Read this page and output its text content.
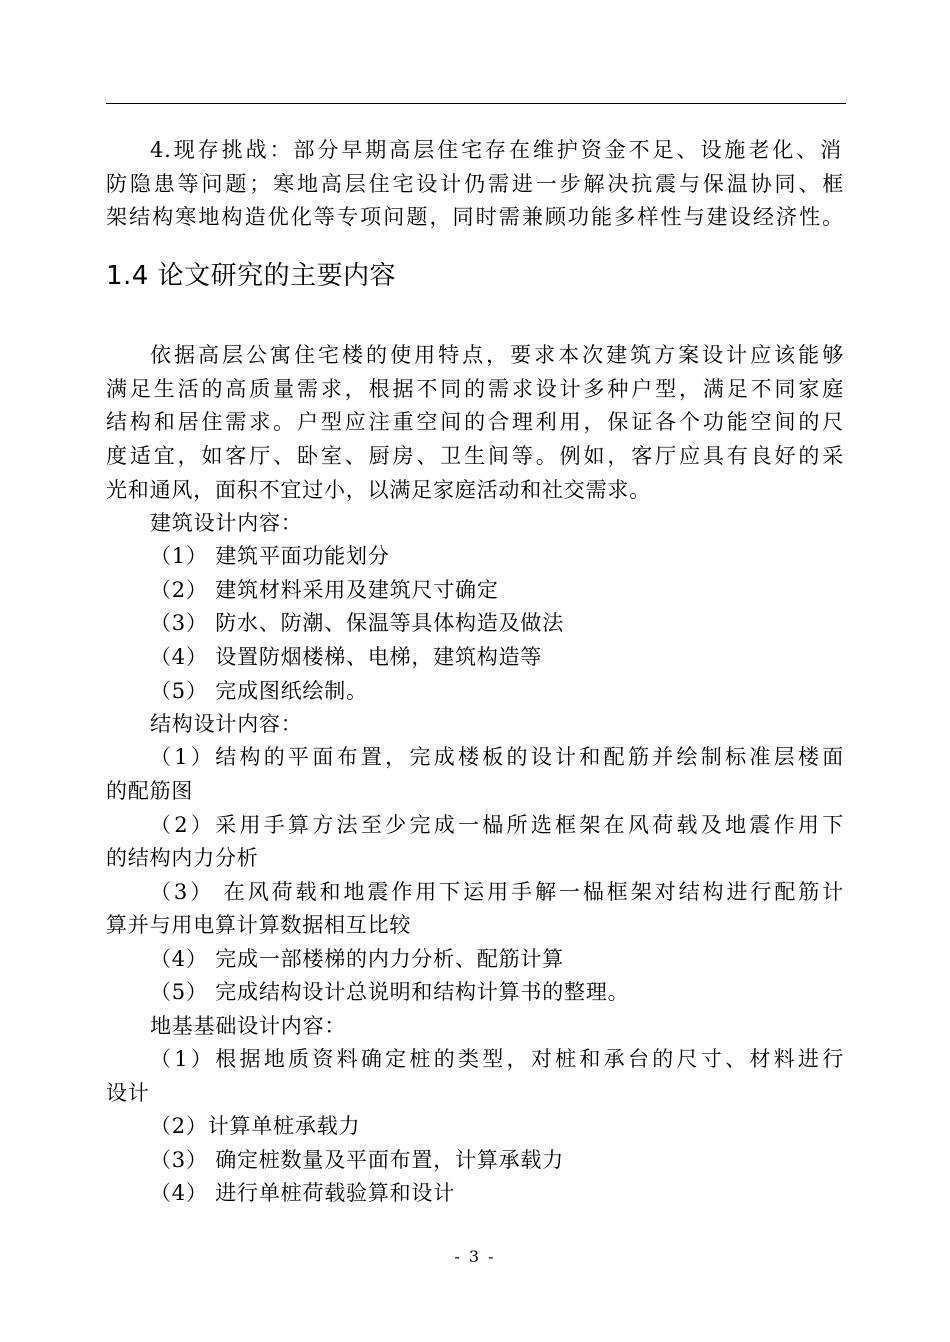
4.现存挑战：部分早期高层住宅存在维护资金不足、设施老化、消
防隐患等问题；寒地高层住宅设计仍需进一步解决抗震与保温协同、框
架结构寒地构造优化等专项问题，同时需兼顾功能多样性与建设经济性。
1.4 论文研究的主要内容
依据高层公寓住宅楼的使用特点，要求本次建筑方案设计应该能够
满足生活的高质量需求，根据不同的需求设计多种户型，满足不同家庭
结构和居住需求。户型应注重空间的合理利用，保证各个功能空间的尺
度适宜，如客厅、卧室、厨房、卫生间等。例如，客厅应具有良好的采
光和通风，面积不宜过小，以满足家庭活动和社交需求。
建筑设计内容：
（1） 建筑平面功能划分
（2） 建筑材料采用及建筑尺寸确定
（3） 防水、防潮、保温等具体构造及做法
（4） 设置防烟楼梯、电梯，建筑构造等
（5） 完成图纸绘制。
结构设计内容：
（1）结构的平面布置，完成楼板的设计和配筋并绘制标准层楼面
的配筋图
（2）采用手算方法至少完成一榀所选框架在风荷载及地震作用下
的结构内力分析
（3） 在风荷载和地震作用下运用手解一榀框架对结构进行配筋计
算并与用电算计算数据相互比较
（4） 完成一部楼梯的内力分析、配筋计算
（5） 完成结构设计总说明和结构计算书的整理。
地基基础设计内容：
（1）根据地质资料确定桩的类型，对桩和承台的尺寸、材料进行
设计
（2）计算单桩承载力
（3） 确定桩数量及平面布置，计算承载力
（4） 进行单桩荷载验算和设计
- 3 -
